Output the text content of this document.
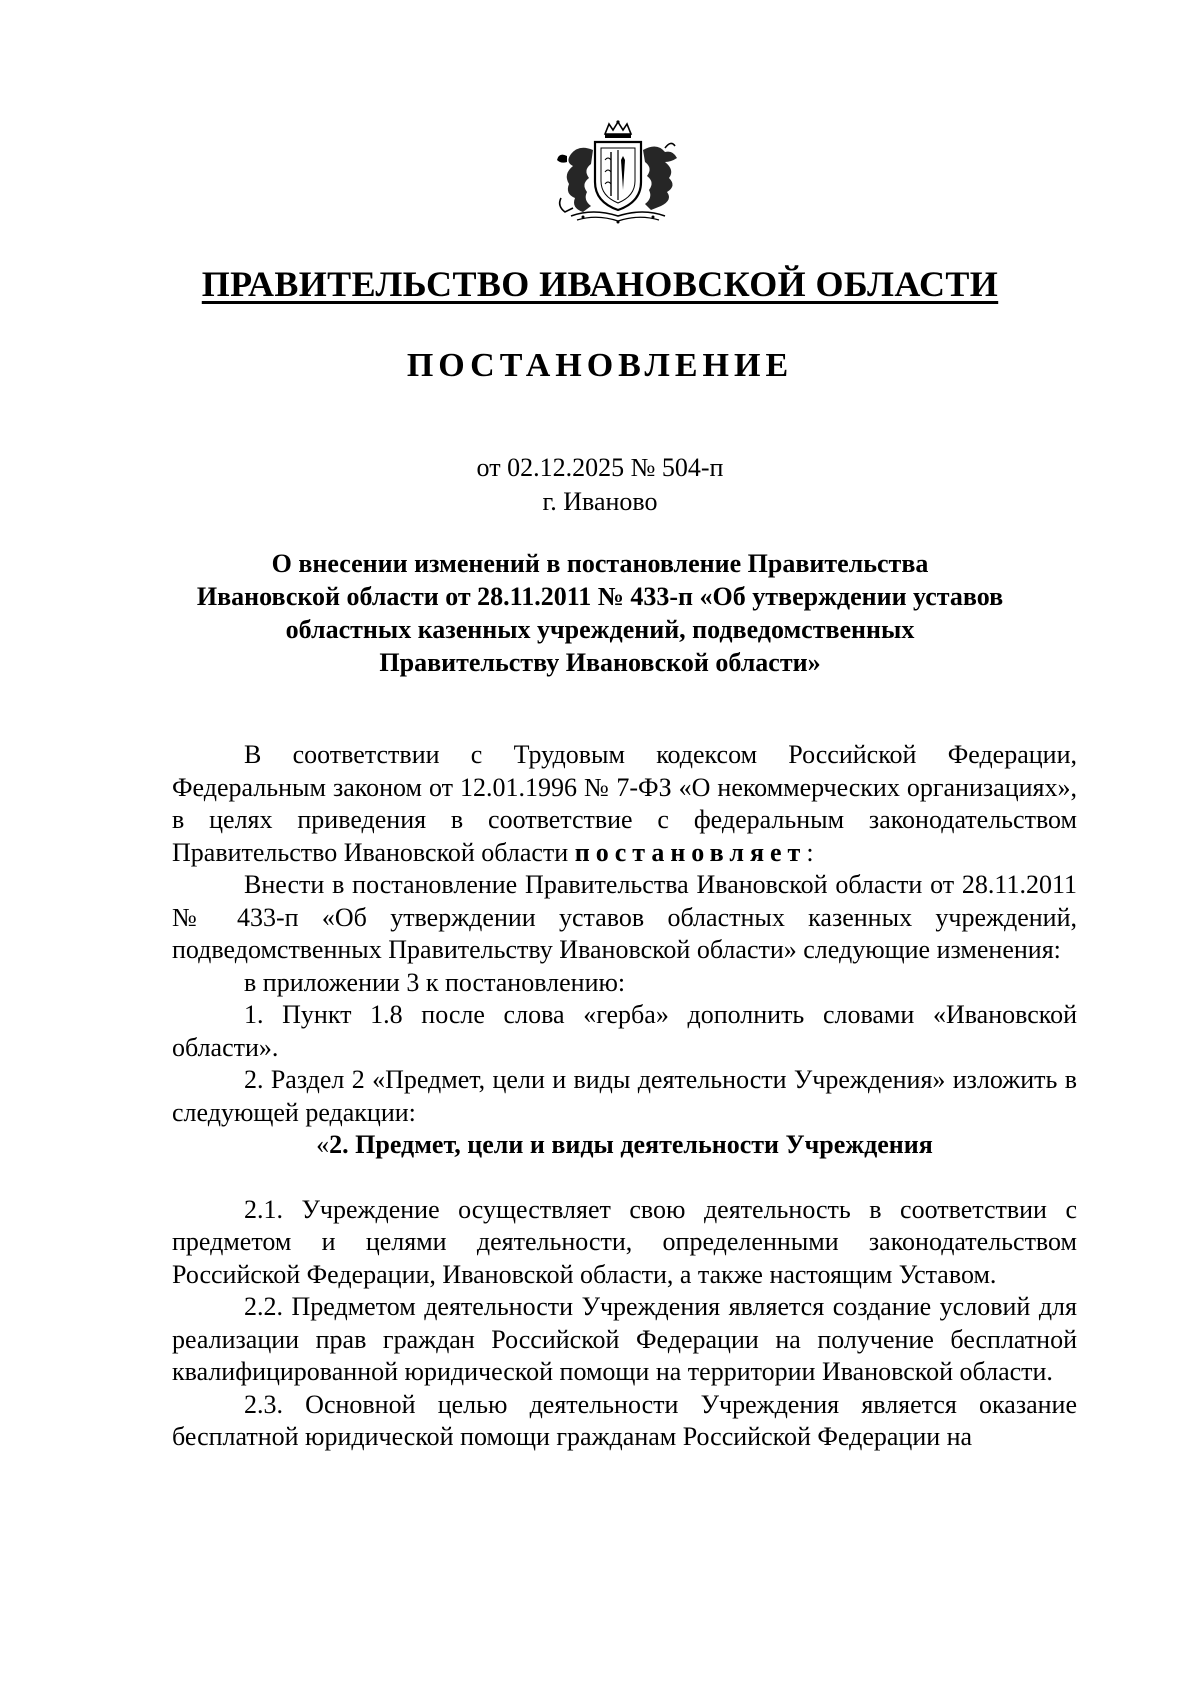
ПРАВИТЕЛЬСТВО ИВАНОВСКОЙ ОБЛАСТИ
ПОСТАНОВЛЕНИЕ
от 02.12.2025 № 504-п
г. Иваново
О внесении изменений в постановление Правительства
Ивановской области от 28.11.2011 № 433-п «Об утверждении уставов
областных казенных учреждений, подведомственных
Правительству Ивановской области»

В соответствии с Трудовым кодексом Российской Федерации, Федеральным законом от 12.01.1996 № 7-ФЗ «О некоммерческих организациях», в целях приведения в соответствие с федеральным законодательством Правительство Ивановской области постановляет:

Внести в постановление Правительства Ивановской области от 28.11.2011 № 433-п «Об утверждении уставов областных казенных учреждений, подведомственных Правительству Ивановской области» следующие изменения:

в приложении 3 к постановлению:

1. Пункт 1.8 после слова «герба» дополнить словами «Ивановской области».

2. Раздел 2 «Предмет, цели и виды деятельности Учреждения» изложить в следующей редакции:

«2. Предмет, цели и виды деятельности Учреждения

2.1. Учреждение осуществляет свою деятельность в соответствии с предметом и целями деятельности, определенными законодательством Российской Федерации, Ивановской области, а также настоящим Уставом.

2.2. Предметом деятельности Учреждения является создание условий для реализации прав граждан Российской Федерации на получение бесплатной квалифицированной юридической помощи на территории Ивановской области.

2.3. Основной целью деятельности Учреждения является оказание бесплатной юридической помощи гражданам Российской Федерации на
